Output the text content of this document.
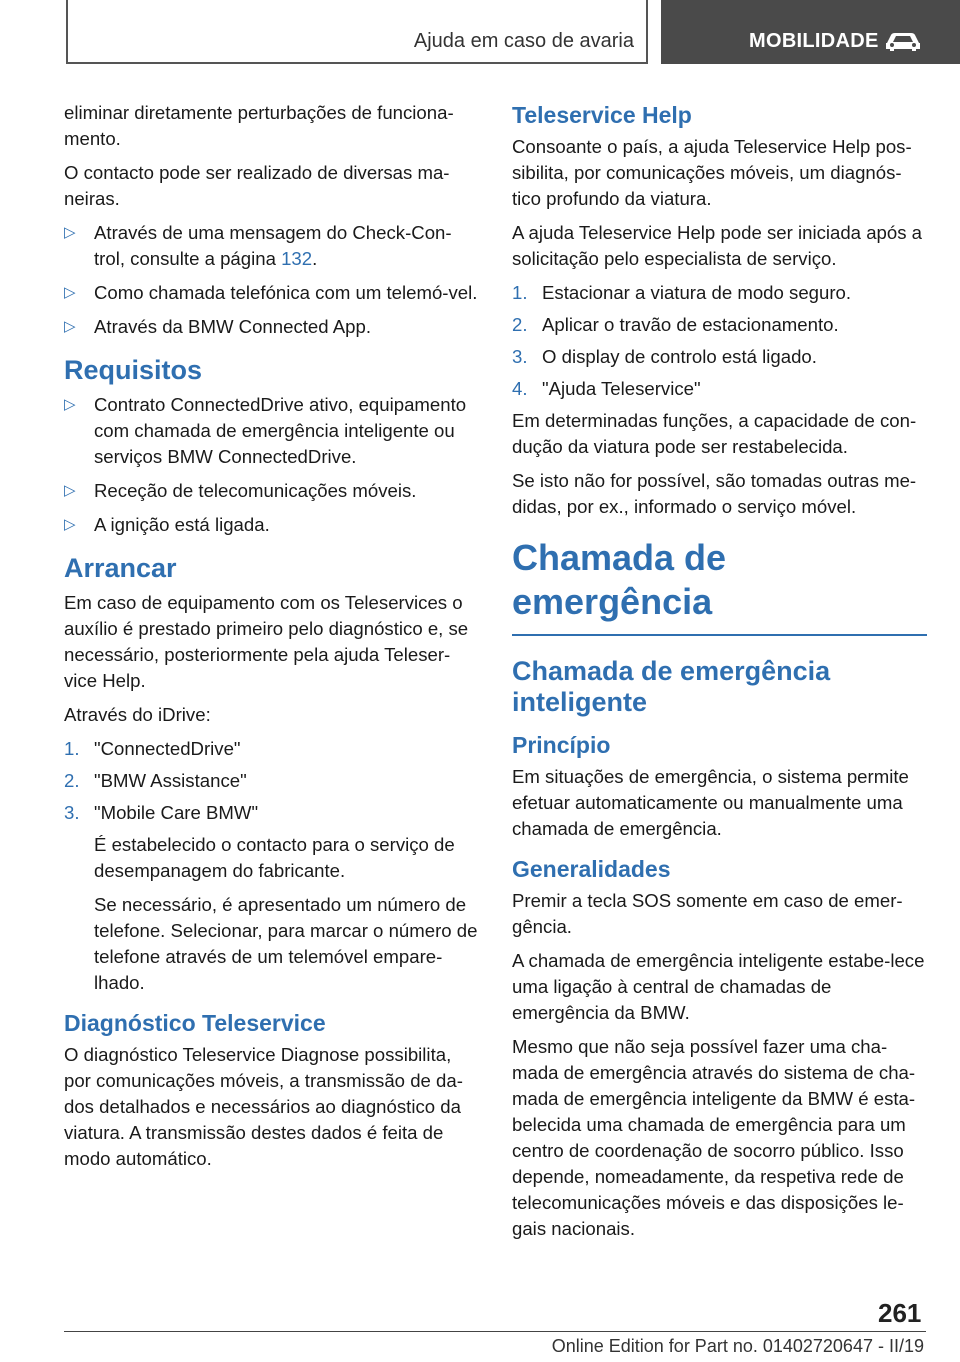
Ajuda em caso de avaria	MOBILIDADE

eliminar diretamente perturbações de funciona-mento.

O contacto pode ser realizado de diversas ma-neiras.

▷ Através de uma mensagem do Check-Con-trol, consulte a página 132.
▷ Como chamada telefónica com um telemó-vel.
▷ Através da BMW Connected App.
Requisitos
▷ Contrato ConnectedDrive ativo, equipamento com chamada de emergência inteligente ou serviços BMW ConnectedDrive.
▷ Receção de telecomunicações móveis.
▷ A ignição está ligada.
Arrancar

Em caso de equipamento com os Teleservices o auxílio é prestado primeiro pelo diagnóstico e, se necessário, posteriormente pela ajuda Teleser-vice Help.

Através do iDrive:

1. "ConnectedDrive"
2. "BMW Assistance"
3. "Mobile Care BMW"

É estabelecido o contacto para o serviço de desempanagem do fabricante.

Se necessário, é apresentado um número de telefone. Selecionar, para marcar o número de telefone através de um telemóvel empare-lhado.

Diagnóstico Teleservice

O diagnóstico Teleservice Diagnose possibilita, por comunicações móveis, a transmissão de da-dos detalhados e necessários ao diagnóstico da viatura. A transmissão destes dados é feita de modo automático.

Teleservice Help

Consoante o país, a ajuda Teleservice Help pos-sibilita, por comunicações móveis, um diagnós-tico profundo da viatura.

A ajuda Teleservice Help pode ser iniciada após a solicitação pelo especialista de serviço.

1. Estacionar a viatura de modo seguro.
2. Aplicar o travão de estacionamento.
3. O display de controlo está ligado.
4. "Ajuda Teleservice"

Em determinadas funções, a capacidade de con-dução da viatura pode ser restabelecida.

Se isto não for possível, são tomadas outras me-didas, por ex., informado o serviço móvel.

Chamada de emergência
Chamada de emergência inteligente
Princípio

Em situações de emergência, o sistema permite efetuar automaticamente ou manualmente uma chamada de emergência.

Generalidades

Premir a tecla SOS somente em caso de emer-gência.

A chamada de emergência inteligente estabe-lece uma ligação à central de chamadas de emergência da BMW.

Mesmo que não seja possível fazer uma cha-mada de emergência através do sistema de cha-mada de emergência inteligente da BMW é esta-belecida uma chamada de emergência para um centro de coordenação de socorro público. Isso depende, nomeadamente, da respetiva rede de telecomunicações móveis e das disposições le-gais nacionais.

261
Online Edition for Part no. 01402720647 - II/19
